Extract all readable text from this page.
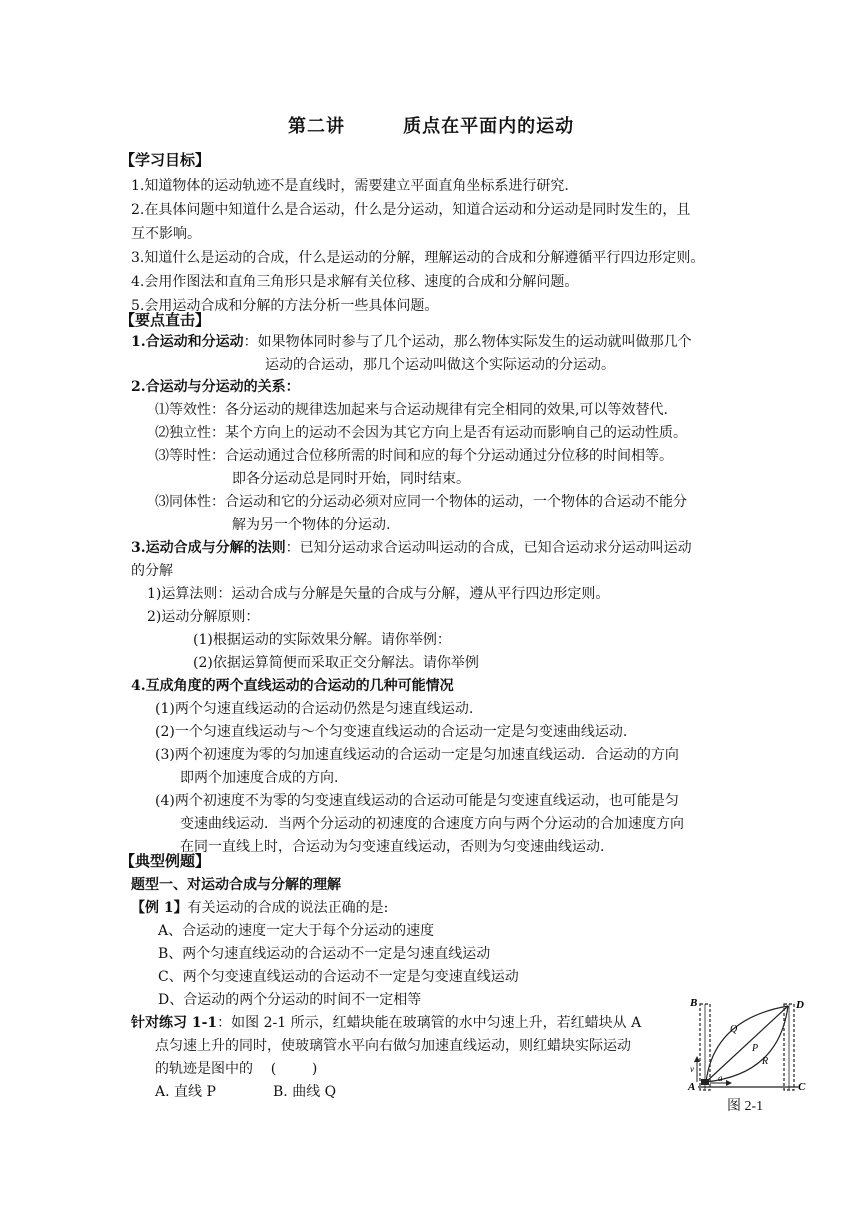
第二讲        质点在平面内的运动
【学习目标】
1.知道物体的运动轨迹不是直线时，需要建立平面直角坐标系进行研究.
2.在具体问题中知道什么是合运动，什么是分运动，知道合运动和分运动是同时发生的，且
互不影响。
3.知道什么是运动的合成，什么是运动的分解，理解运动的合成和分解遵循平行四边形定则。
4.会用作图法和直角三角形只是求解有关位移、速度的合成和分解问题。
5.会用运动合成和分解的方法分析一些具体问题。
【要点直击】
1.合运动和分运动：如果物体同时参与了几个运动，那么物体实际发生的运动就叫做那几个
运动的合运动，那几个运动叫做这个实际运动的分运动。
2.合运动与分运动的关系：
⑴等效性：各分运动的规律迭加起来与合运动规律有完全相同的效果,可以等效替代.
⑵独立性：某个方向上的运动不会因为其它方向上是否有运动而影响自己的运动性质。
⑶等时性：合运动通过合位移所需的时间和应的每个分运动通过分位移的时间相等。
即各分运动总是同时开始，同时结束。
⑶同体性：合运动和它的分运动必须对应同一个物体的运动，一个物体的合运动不能分
解为另一个物体的分运动.
3.运动合成与分解的法则：已知分运动求合运动叫运动的合成，已知合运动求分运动叫运动
的分解
1)运算法则：运动合成与分解是矢量的合成与分解，遵从平行四边形定则。
2)运动分解原则：
(1)根据运动的实际效果分解。请你举例：
(2)依据运算简便而采取正交分解法。请你举例
4.互成角度的两个直线运动的合运动的几种可能情况
(1)两个匀速直线运动的合运动仍然是匀速直线运动.
(2)一个匀速直线运动与～个匀变速直线运动的合运动一定是匀变速曲线运动.
(3)两个初速度为零的匀加速直线运动的合运动一定是匀加速直线运动．合运动的方向
即两个加速度合成的方向.
(4)两个初速度不为零的匀变速直线运动的合运动可能是匀变速直线运动，也可能是匀
变速曲线运动．当两个分运动的初速度的合速度方向与两个分运动的合加速度方向
在同一直线上时，合运动为匀变速直线运动，否则为匀变速曲线运动.
【典型例题】
题型一、对运动合成与分解的理解
【例 1】有关运动的合成的说法正确的是:
A、合运动的速度一定大于每个分运动的速度
B、两个匀速直线运动的合运动不一定是匀速直线运动
C、两个匀变速直线运动的合运动不一定是匀变速直线运动
D、合运动的两个分运动的时间不一定相等
针对练习 1-1：如图 2-1 所示，红蜡块能在玻璃管的水中匀速上升，若红蜡块从 A
点匀速上升的同时，使玻璃管水平向右做匀加速直线运动，则红蜡块实际运动
的轨迹是图中的    (        )
A. 直线 P	B. 曲线 Q
B	D
A	C
Q
P
R
v
a
图 2-1
